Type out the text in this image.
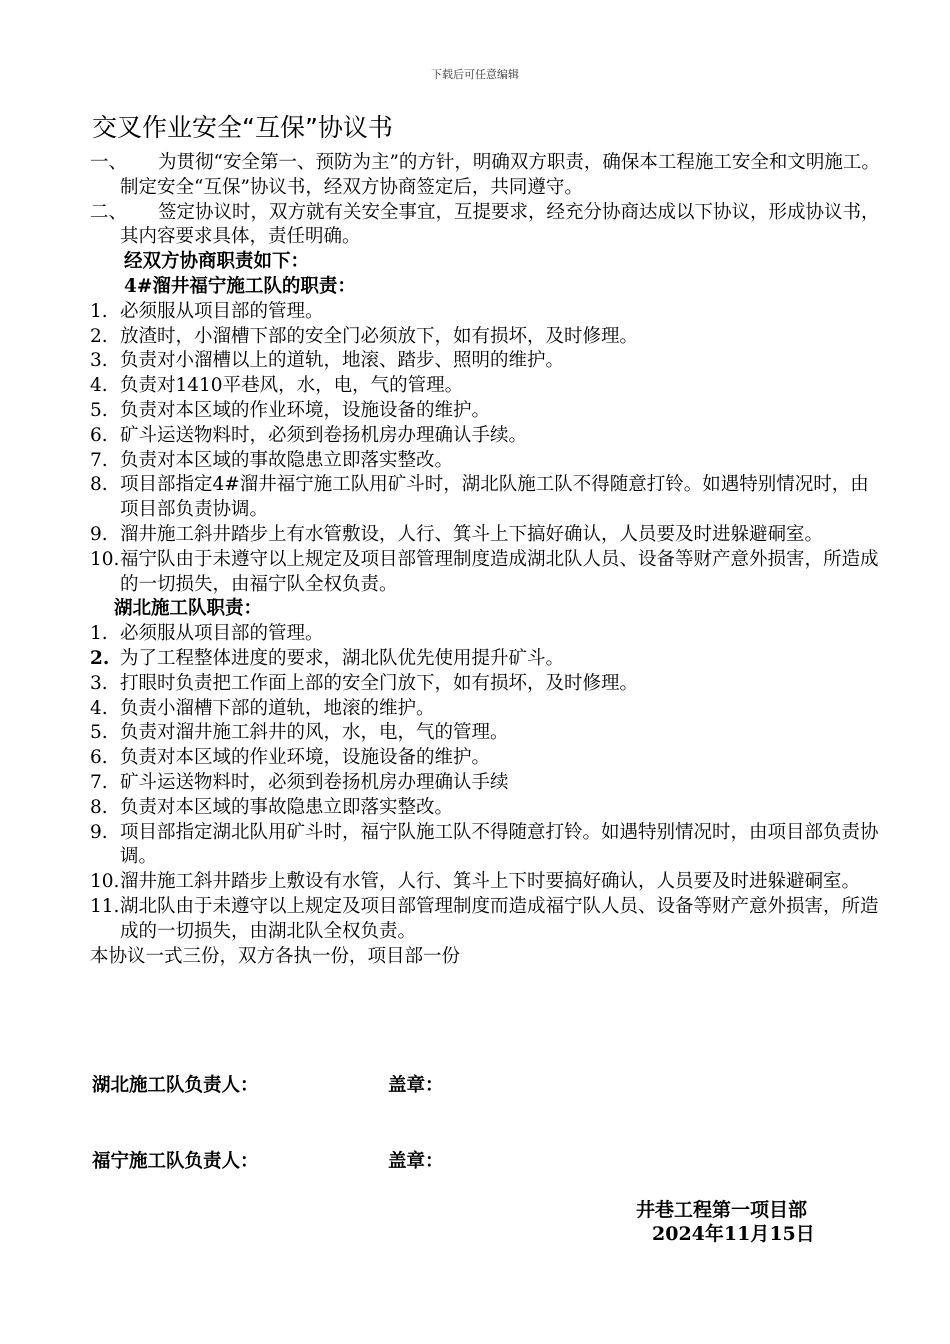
下载后可任意编辑
交叉作业安全“互保”协议书
一、 为贯彻“安全第一、预防为主”的方针，明确双方职责，确保本工程施工安全和文明施工。制定安全“互保”协议书，经双方协商签定后，共同遵守。
二、 签定协议时，双方就有关安全事宜，互提要求，经充分协商达成以下协议，形成协议书，其内容要求具体，责任明确。
经双方协商职责如下：
4#溜井福宁施工队的职责：
1. 必须服从项目部的管理。
2. 放渣时，小溜槽下部的安全门必须放下，如有损坏，及时修理。
3. 负责对小溜槽以上的道轨，地滚、踏步、照明的维护。
4. 负责对1410平巷风，水，电，气的管理。
5. 负责对本区域的作业环境，设施设备的维护。
6. 矿斗运送物料时，必须到卷扬机房办理确认手续。
7. 负责对本区域的事故隐患立即落实整改。
8. 项目部指定4#溜井福宁施工队用矿斗时，湖北队施工队不得随意打铃。如遇特别情况时，由项目部负责协调。
9. 溜井施工斜井踏步上有水管敷设，人行、箕斗上下搞好确认，人员要及时进躲避硐室。
10. 福宁队由于未遵守以上规定及项目部管理制度造成湖北队人员、设备等财产意外损害，所造成的一切损失，由福宁队全权负责。
湖北施工队职责：
1. 必须服从项目部的管理。
2. 为了工程整体进度的要求，湖北队优先使用提升矿斗。
3. 打眼时负责把工作面上部的安全门放下，如有损坏，及时修理。
4. 负责小溜槽下部的道轨，地滚的维护。
5. 负责对溜井施工斜井的风，水，电，气的管理。
6. 负责对本区域的作业环境，设施设备的维护。
7. 矿斗运送物料时，必须到卷扬机房办理确认手续
8. 负责对本区域的事故隐患立即落实整改。
9. 项目部指定湖北队用矿斗时，福宁队施工队不得随意打铃。如遇特别情况时，由项目部负责协调。
10. 溜井施工斜井踏步上敷设有水管，人行、箕斗上下时要搞好确认，人员要及时进躲避硐室。
11. 湖北队由于未遵守以上规定及项目部管理制度而造成福宁队人员、设备等财产意外损害，所造成的一切损失，由湖北队全权负责。
本协议一式三份，双方各执一份，项目部一份
湖北施工队负责人：	盖章：
福宁施工队负责人：	盖章：
井巷工程第一项目部
2024年11月15日
